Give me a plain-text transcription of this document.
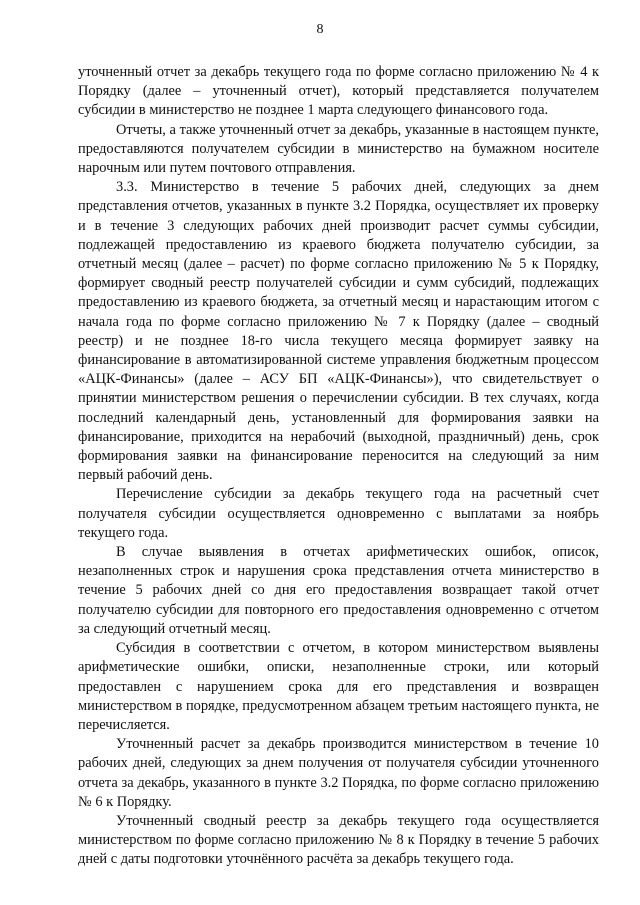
8

уточненный отчет за декабрь текущего года по форме согласно приложению № 4 к Порядку (далее – уточненный отчет), который представляется получателем субсидии в министерство не позднее 1 марта следующего финансового года.

Отчеты, а также уточненный отчет за декабрь, указанные в настоящем пункте, предоставляются получателем субсидии в министерство на бумажном носителе нарочным или путем почтового отправления.

3.3. Министерство в течение 5 рабочих дней, следующих за днем представления отчетов, указанных в пункте 3.2 Порядка, осуществляет их проверку и в течение 3 следующих рабочих дней производит расчет суммы субсидии, подлежащей предоставлению из краевого бюджета получателю субсидии, за отчетный месяц (далее – расчет) по форме согласно приложению № 5 к Порядку, формирует сводный реестр получателей субсидии и сумм субсидий, подлежащих предоставлению из краевого бюджета, за отчетный месяц и нарастающим итогом с начала года по форме согласно приложению № 7 к Порядку (далее – сводный реестр) и не позднее 18-го числа текущего месяца формирует заявку на финансирование в автоматизированной системе управления бюджетным процессом «АЦК-Финансы» (далее – АСУ БП «АЦК-Финансы»), что свидетельствует о принятии министерством решения о перечислении субсидии. В тех случаях, когда последний календарный день, установленный для формирования заявки на финансирование, приходится на нерабочий (выходной, праздничный) день, срок формирования заявки на финансирование переносится на следующий за ним первый рабочий день.

Перечисление субсидии за декабрь текущего года на расчетный счет получателя субсидии осуществляется одновременно с выплатами за ноябрь текущего года.

В случае выявления в отчетах арифметических ошибок, описок, незаполненных строк и нарушения срока представления отчета министерство в течение 5 рабочих дней со дня его предоставления возвращает такой отчет получателю субсидии для повторного его предоставления одновременно с отчетом за следующий отчетный месяц.

Субсидия в соответствии с отчетом, в котором министерством выявлены арифметические ошибки, описки, незаполненные строки, или который предоставлен с нарушением срока для его представления и возвращен министерством в порядке, предусмотренном абзацем третьим настоящего пункта, не перечисляется.

Уточненный расчет за декабрь производится министерством в течение 10 рабочих дней, следующих за днем получения от получателя субсидии уточненного отчета за декабрь, указанного в пункте 3.2 Порядка, по форме согласно приложению № 6 к Порядку.

Уточненный сводный реестр за декабрь текущего года осуществляется министерством по форме согласно приложению № 8 к Порядку в течение 5 рабочих дней с даты подготовки уточнённого расчёта за декабрь текущего года.
